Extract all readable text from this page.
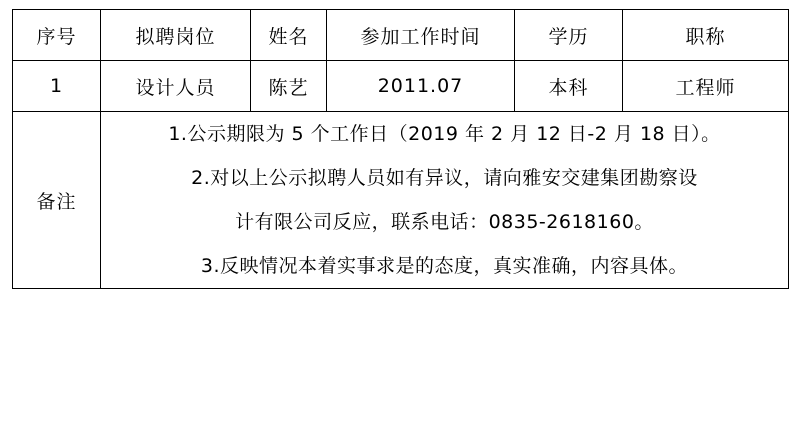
序号	拟聘岗位	姓名	参加工作时间	学历	职称
1	设计人员	陈艺	2011.07	本科	工程师
备注	1.公示期限为 5 个工作日（2019 年 2 月 12 日-2 月 18 日）。
2.对以上公示拟聘人员如有异议，请向雅安交建集团勘察设
计有限公司反应，联系电话：0835-2618160。
3.反映情况本着实事求是的态度，真实准确，内容具体。				
